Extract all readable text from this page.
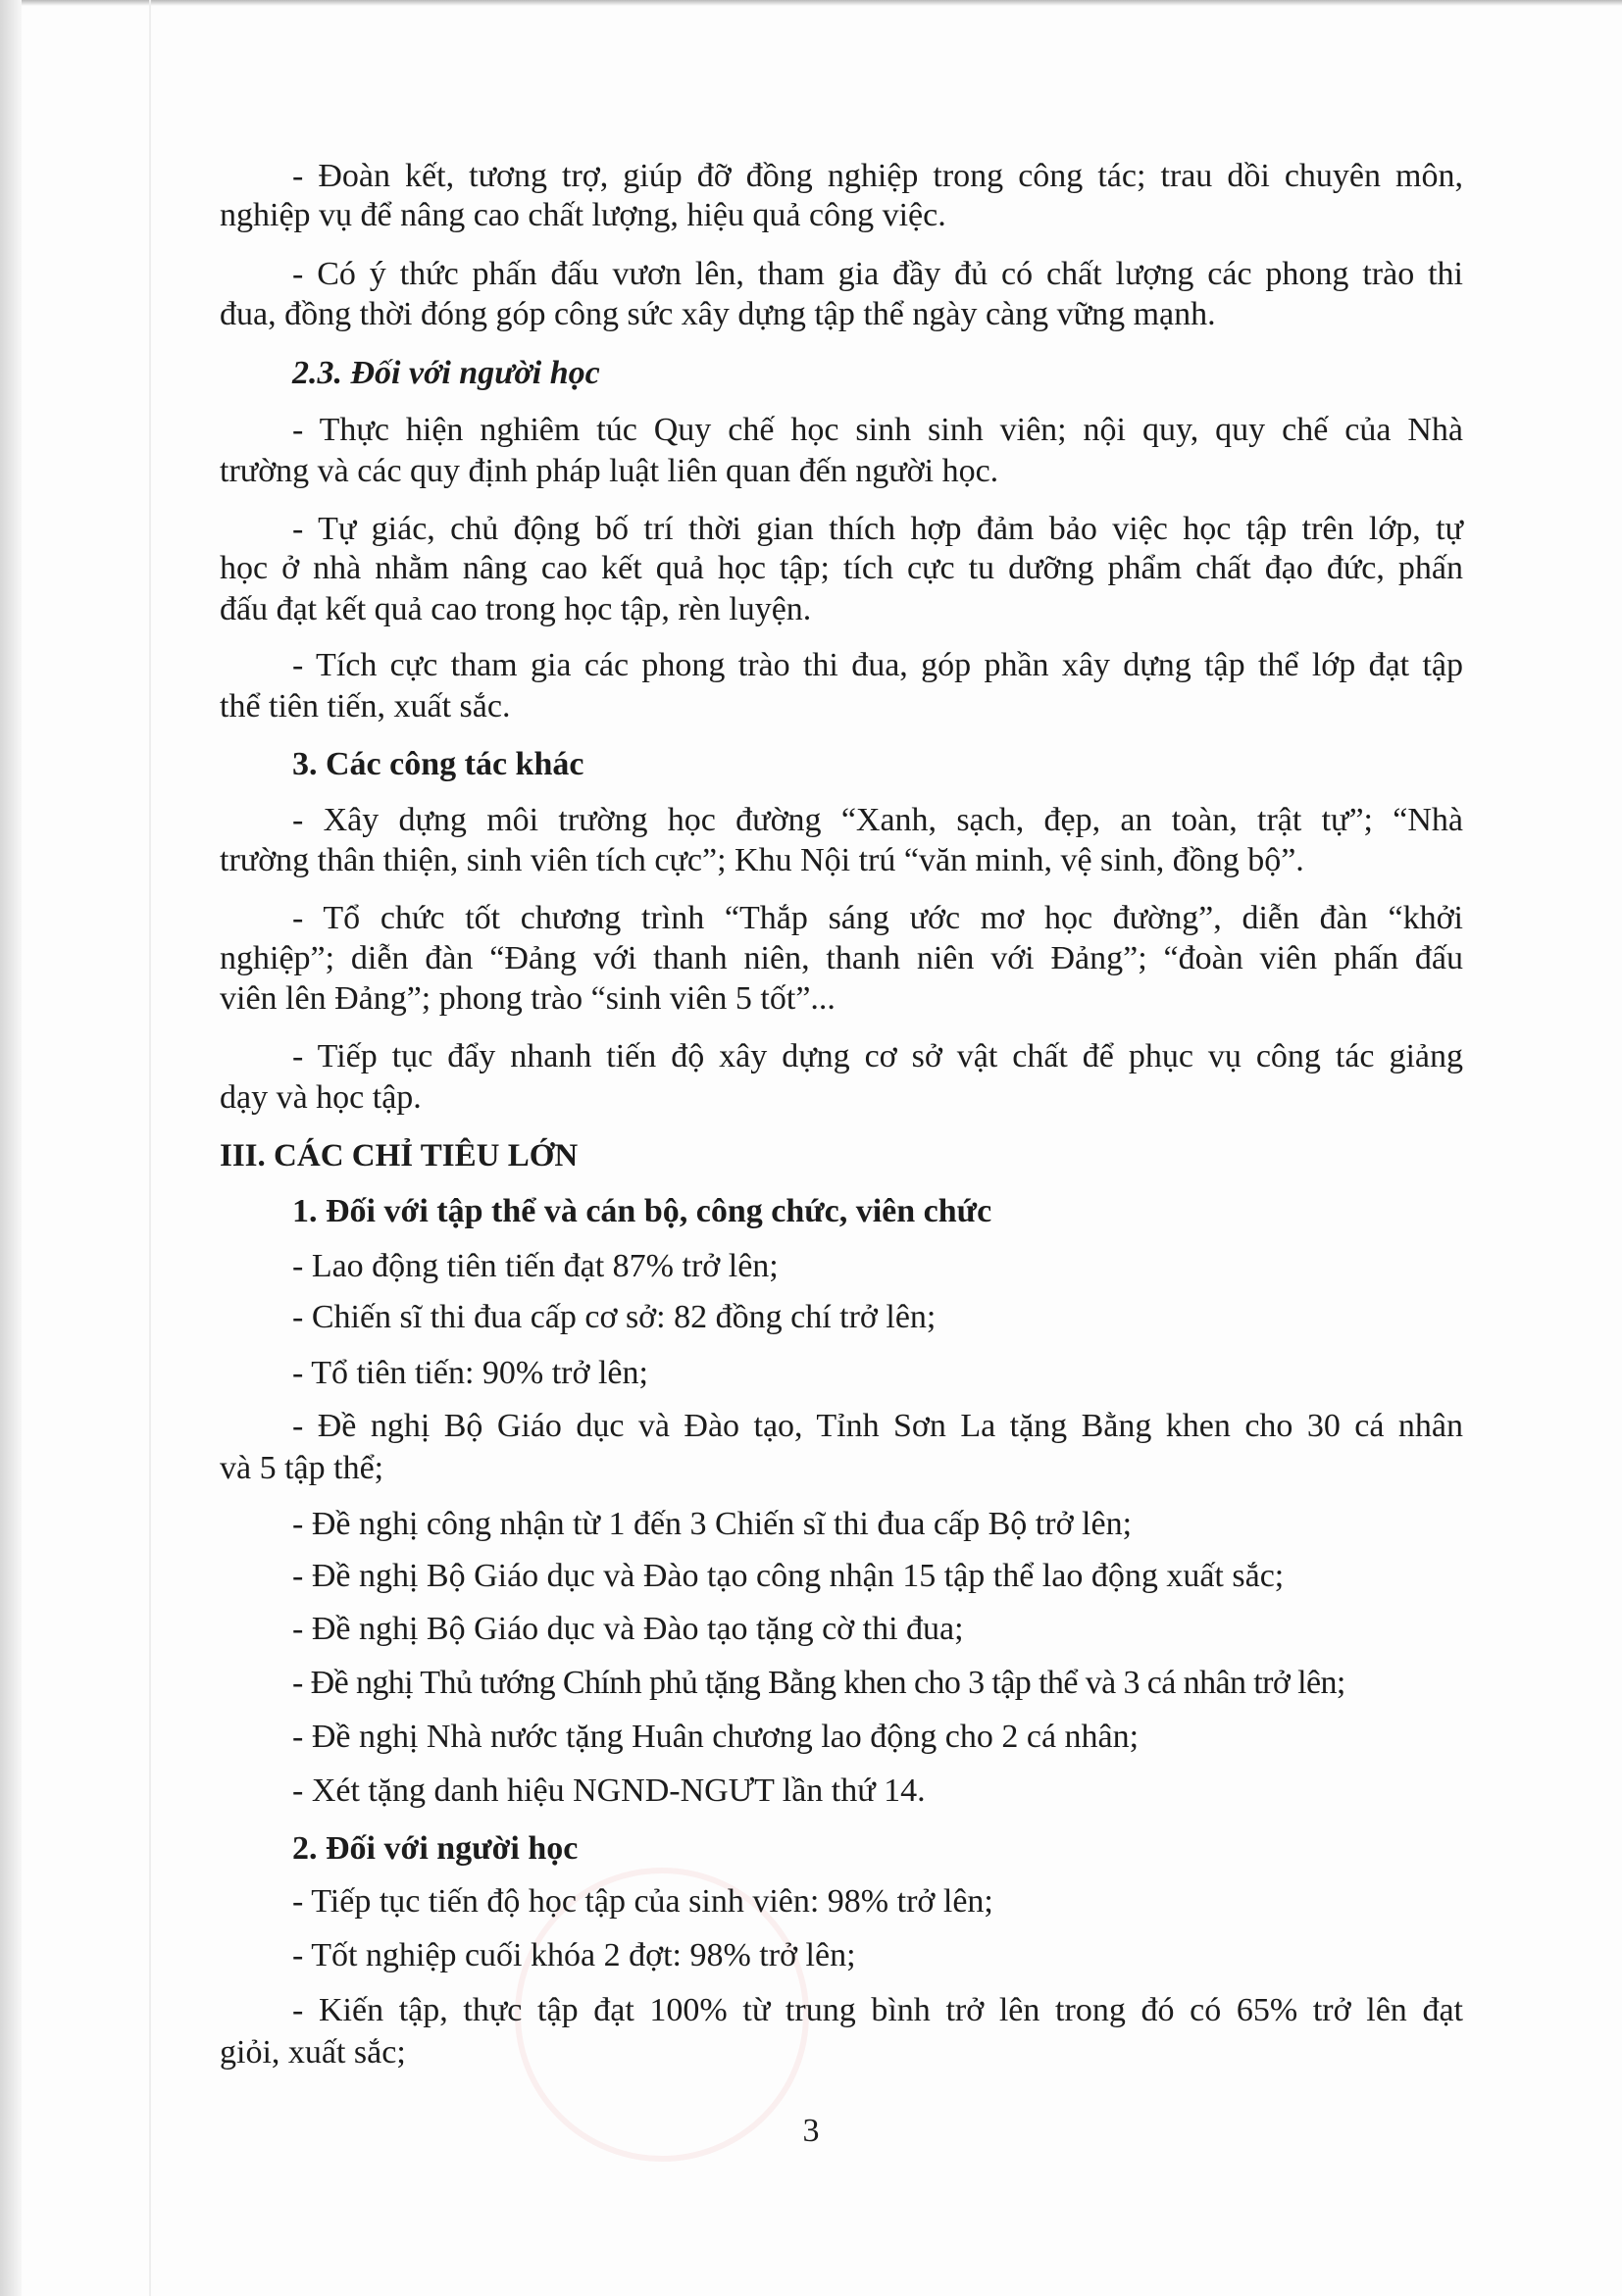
- Đoàn kết, tương trợ, giúp đỡ đồng nghiệp trong công tác; trau dồi chuyên môn,
nghiệp vụ để nâng cao chất lượng, hiệu quả công việc.
- Có ý thức phấn đấu vươn lên, tham gia đầy đủ có chất lượng các phong trào thi
đua, đồng thời đóng góp công sức xây dựng tập thể ngày càng vững mạnh.
2.3. Đối với người học
- Thực hiện nghiêm túc Quy chế học sinh sinh viên; nội quy, quy chế của Nhà
trường và các quy định pháp luật liên quan đến người học.
- Tự giác, chủ động bố trí thời gian thích hợp đảm bảo việc học tập trên lớp, tự
học ở nhà nhằm nâng cao kết quả học tập; tích cực tu dưỡng phẩm chất đạo đức, phấn
đấu đạt kết quả cao trong học tập, rèn luyện.
- Tích cực tham gia các phong trào thi đua, góp phần xây dựng tập thể lớp đạt tập
thể tiên tiến, xuất sắc.
3. Các công tác khác
- Xây dựng môi trường học đường “Xanh, sạch, đẹp, an toàn, trật tự”; “Nhà
trường thân thiện, sinh viên tích cực”; Khu Nội trú “văn minh, vệ sinh, đồng bộ”.
- Tổ chức tốt chương trình “Thắp sáng ước mơ học đường”, diễn đàn “khởi
nghiệp”; diễn đàn “Đảng với thanh niên, thanh niên với Đảng”; “đoàn viên phấn đấu
viên lên Đảng”; phong trào “sinh viên 5 tốt”...
- Tiếp tục đẩy nhanh tiến độ xây dựng cơ sở vật chất để phục vụ công tác giảng
dạy và học tập.
III. CÁC CHỈ TIÊU LỚN
1. Đối với tập thể và cán bộ, công chức, viên chức
- Lao động tiên tiến đạt 87% trở lên;
- Chiến sĩ thi đua cấp cơ sở: 82 đồng chí trở lên;
- Tổ tiên tiến: 90% trở lên;
- Đề nghị Bộ Giáo dục và Đào tạo, Tỉnh Sơn La tặng Bằng khen cho 30 cá nhân
và 5 tập thể;
- Đề nghị công nhận từ 1 đến 3 Chiến sĩ thi đua cấp Bộ trở lên;
- Đề nghị Bộ Giáo dục và Đào tạo công nhận 15 tập thể lao động xuất sắc;
- Đề nghị Bộ Giáo dục và Đào tạo tặng cờ thi đua;
- Đề nghị Thủ tướng Chính phủ tặng Bằng khen cho 3 tập thể và 3 cá nhân trở lên;
- Đề nghị Nhà nước tặng Huân chương lao động cho 2 cá nhân;
- Xét tặng danh hiệu NGND-NGƯT lần thứ 14.
2. Đối với người học
- Tiếp tục tiến độ học tập của sinh viên: 98% trở lên;
- Tốt nghiệp cuối khóa 2 đợt: 98% trở lên;
- Kiến tập, thực tập đạt 100% từ trung bình trở lên trong đó có 65% trở lên đạt
giỏi, xuất sắc;
3
